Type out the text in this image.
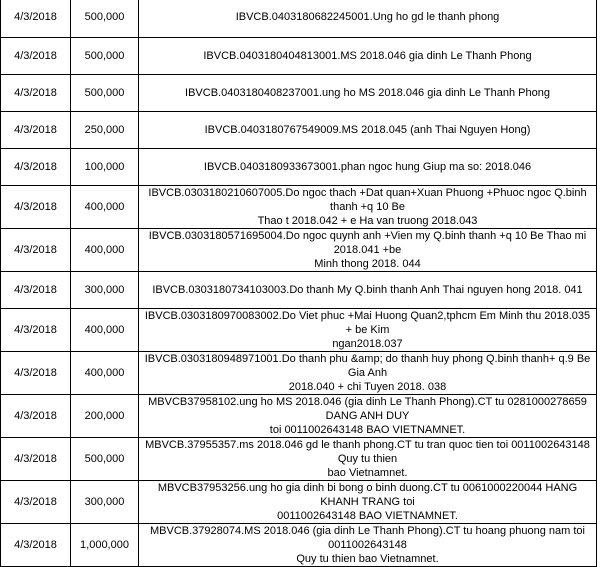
4/3/2018	500,000	IBVCB.0403180682245001.Ung ho gd le thanh phong

4/3/2018	500,000	IBVCB.0403180404813001.MS 2018.046 gia dinh Le Thanh Phong

4/3/2018	500,000	IBVCB.0403180408237001.ung ho MS 2018.046 gia dinh Le Thanh Phong

4/3/2018	250,000	IBVCB.0403180767549009.MS 2018.045 (anh Thai Nguyen Hong)

4/3/2018	100,000	IBVCB.0403180933673001.phan ngoc hung Giup ma so: 2018.046

4/3/2018	400,000	IBVCB.0303180210607005.Do ngoc thach +Dat quan+Xuan Phuong +Phuoc ngoc Q.binh thanh +q 10 Be
Thao t 2018.042 + e Ha van truong 2018.043

4/3/2018	400,000	IBVCB.0303180571695004.Do ngoc quynh anh +Vien my Q.binh thanh +q 10 Be Thao mi 2018.041 +be
Minh thong 2018. 044

4/3/2018	300,000	IBVCB.0303180734103003.Do thanh My Q.binh thanh Anh Thai nguyen hong 2018. 041

4/3/2018	400,000	IBVCB.0303180970083002.Do Viet phuc +Mai Huong Quan2,tphcm Em Minh thu 2018.035 + be Kim
ngan2018.037

4/3/2018	400,000	IBVCB.0303180948971001.Do thanh phu &amp; do thanh huy phong Q.binh thanh+ q.9 Be Gia Anh
2018.040 + chi Tuyen 2018. 038

4/3/2018	200,000	MBVCB37958102.ung ho MS 2018.046 (gia dinh Le Thanh Phong).CT tu 0281000278659 DANG ANH DUY
toi 0011002643148 BAO VIETNAMNET.

4/3/2018	500,000	MBVCB.37955357.ms 2018.046 gd le thanh phong.CT tu tran quoc tien toi 0011002643148 Quy tu thien
bao Vietnamnet.

4/3/2018	300,000	MBVCB37953256.ung ho gia dinh bi bong o binh duong.CT tu 0061000220044 HANG KHANH TRANG toi
0011002643148 BAO VIETNAMNET.

4/3/2018	1,000,000	MBVCB.37928074.MS 2018.046 (gia dinh Le Thanh Phong).CT tu hoang phuong nam toi 0011002643148
Quy tu thien bao Vietnamnet.
